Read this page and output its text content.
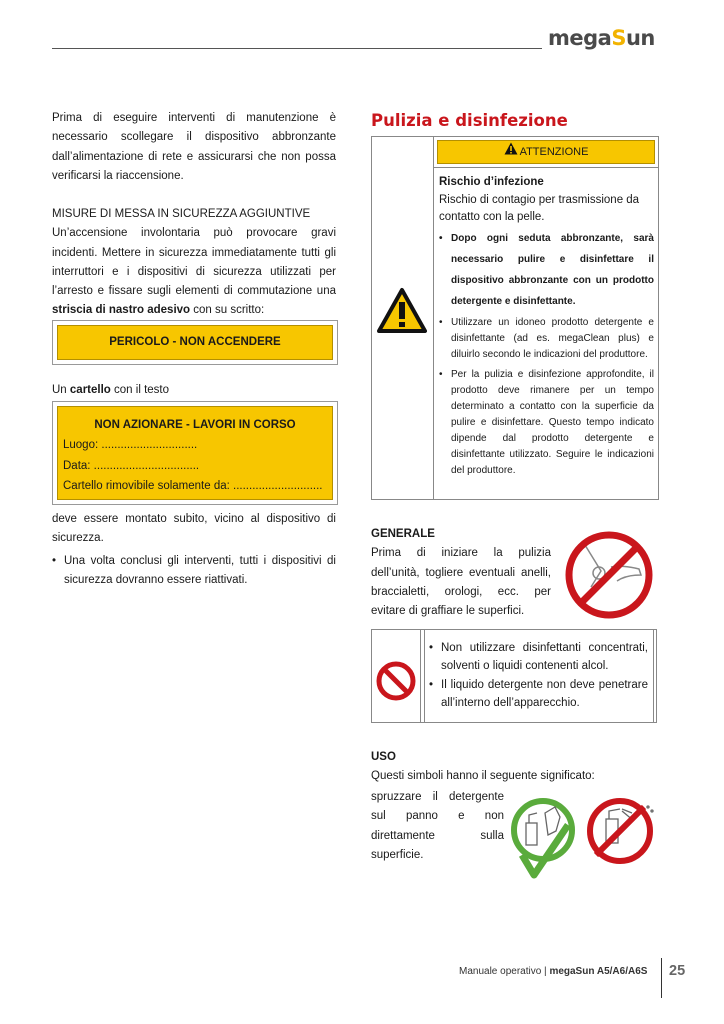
megaSun

Prima di eseguire interventi di manutenzione è necessario scollegare il dispositivo abbronzante dall’alimentazione di rete e assicurarsi che non possa verificarsi la riaccensione.

MISURE DI MESSA IN SICUREZZA AGGIUNTIVE

Un’accensione involontaria può provocare gravi incidenti. Mettere in sicurezza immediatamente tutti gli interruttori e i dispositivi di sicurezza utilizzati per l’arresto e fissare sugli elementi di commutazione una striscia di nastro adesivo con su scritto:

PERICOLO - NON ACCENDERE

Un cartello con il testo

NON AZIONARE - LAVORI IN CORSO
Luogo: ..............................
Data: .................................
Cartello rimovibile solamente da: ............................

deve essere montato subito, vicino al dispositivo di sicurezza.

• Una volta conclusi gli interventi, tutti i dispositivi di sicurezza dovranno essere riattivati.
Pulizia e disinfezione
ATTENZIONE
Rischio d’infezione
Rischio di contagio per trasmissione da contatto con la pelle.
• Dopo ogni seduta abbronzante, sarà necessario pulire e disinfettare il dispositivo abbronzante con un prodotto detergente e disinfettante.
• Utilizzare un idoneo prodotto detergente e disinfettante (ad es. megaClean plus) e diluirlo secondo le indicazioni del produttore.
• Per la pulizia e disinfezione approfondite, il prodotto deve rimanere per un tempo determinato a contatto con la superficie da pulire e disinfettare. Questo tempo indicato dipende dal prodotto detergente e disinfettante utilizzato. Seguire le indicazioni del produttore.
GENERALE

Prima di iniziare la pulizia dell’unità, togliere eventuali anelli, braccialetti, orologi, ecc. per evitare di graffiare le superfici.

• Non utilizzare disinfettanti concentrati, solventi o liquidi contenenti alcol.
• Il liquido detergente non deve penetrare all’interno dell’apparecchio.
USO

Questi simboli hanno il seguente significato:

spruzzare il detergente sul panno e non direttamente sulla superficie.

Manuale operativo | megaSun A5/A6/A6S 25
